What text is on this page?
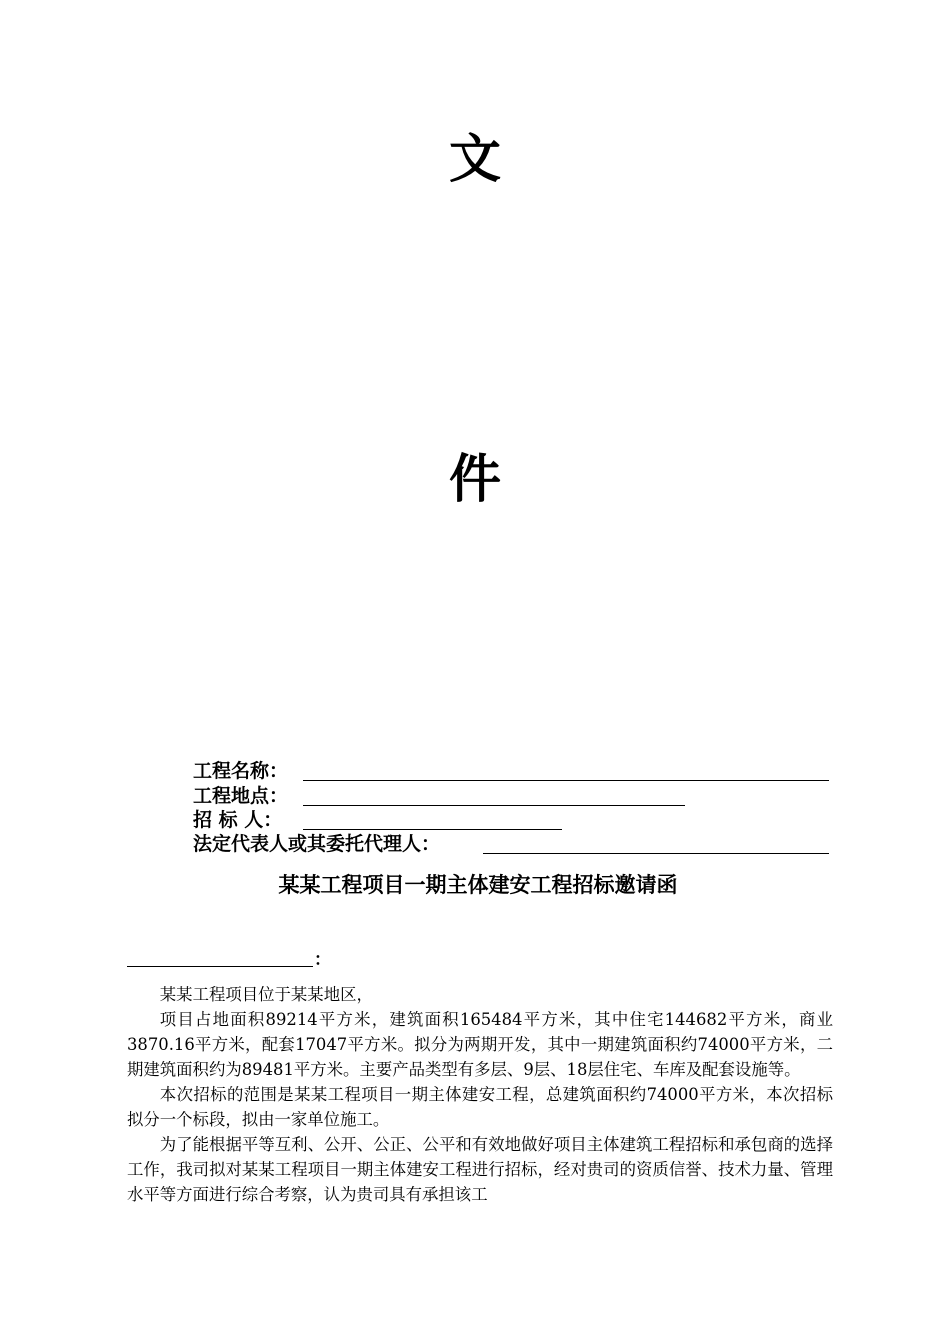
文
件
工程名称：
工程地点：
招 标 人：
法定代表人或其委托代理人：
某某工程项目一期主体建安工程招标邀请函
：

某某工程项目位于某某地区，

项目占地面积89214平方米，建筑面积165484平方米，其中住宅144682平方米，商业3870.16平方米，配套17047平方米。拟分为两期开发，其中一期建筑面积约74000平方米，二期建筑面积约为89481平方米。主要产品类型有多层、9层、18层住宅、车库及配套设施等。

本次招标的范围是某某工程项目一期主体建安工程，总建筑面积约74000平方米，本次招标拟分一个标段，拟由一家单位施工。

为了能根据平等互利、公开、公正、公平和有效地做好项目主体建筑工程招标和承包商的选择工作，我司拟对某某工程项目一期主体建安工程进行招标，经对贵司的资质信誉、技术力量、管理水平等方面进行综合考察，认为贵司具有承担该工
